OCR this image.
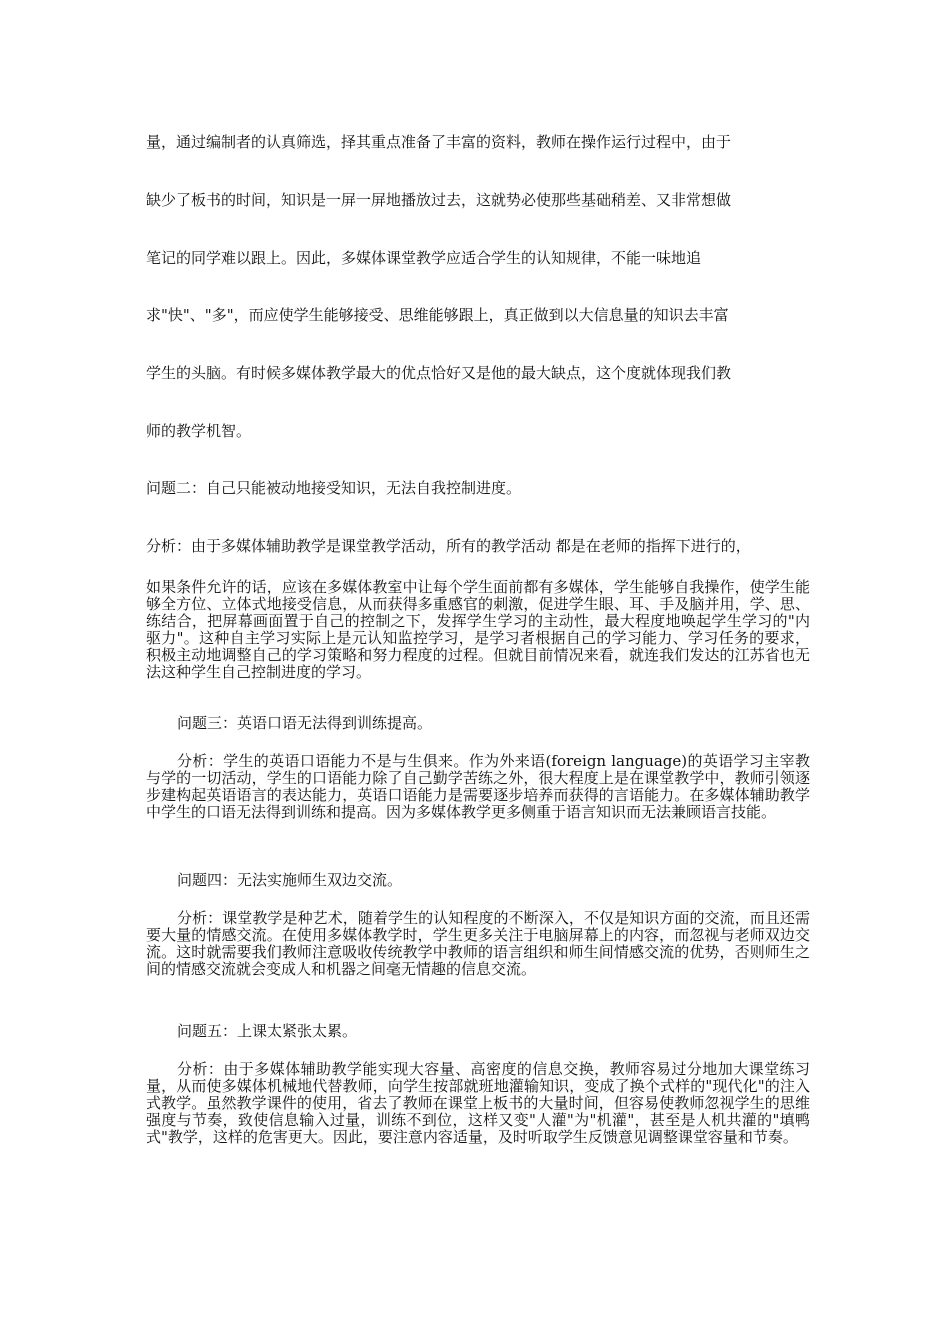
量，通过编制者的认真筛选，择其重点准备了丰富的资料，教师在操作运行过程中，由于

缺少了板书的时间，知识是一屏一屏地播放过去，这就势必使那些基础稍差、又非常想做

笔记的同学难以跟上。因此，多媒体课堂教学应适合学生的认知规律，不能一味地追

求"快"、"多"，而应使学生能够接受、思维能够跟上，真正做到以大信息量的知识去丰富

学生的头脑。有时候多媒体教学最大的优点恰好又是他的最大缺点，这个度就体现我们教

师的教学机智。

问题二：自己只能被动地接受知识，无法自我控制进度。

分析：由于多媒体辅助教学是课堂教学活动，所有的教学活动 都是在老师的指挥下进行的，

如果条件允许的话，应该在多媒体教室中让每个学生面前都有多媒体，学生能够自我操作，使学生能够全方位、立体式地接受信息，从而获得多重感官的刺激，促进学生眼、耳、手及脑并用，学、思、练结合，把屏幕画面置于自己的控制之下，发挥学生学习的主动性，最大程度地唤起学生学习的"内驱力"。这种自主学习实际上是元认知监控学习，是学习者根据自己的学习能力、学习任务的要求，积极主动地调整自己的学习策略和努力程度的过程。但就目前情况来看，就连我们发达的江苏省也无法这种学生自己控制进度的学习。

问题三：英语口语无法得到训练提高。

分析：学生的英语口语能力不是与生俱来。作为外来语(foreign language)的英语学习主宰教与学的一切活动，学生的口语能力除了自己勤学苦练之外，很大程度上是在课堂教学中，教师引领逐步建构起英语语言的表达能力，英语口语能力是需要逐步培养而获得的言语能力。在多媒体辅助教学中学生的口语无法得到训练和提高。因为多媒体教学更多侧重于语言知识而无法兼顾语言技能。

问题四：无法实施师生双边交流。

分析：课堂教学是种艺术，随着学生的认知程度的不断深入，不仅是知识方面的交流，而且还需要大量的情感交流。在使用多媒体教学时，学生更多关注于电脑屏幕上的内容，而忽视与老师双边交流。这时就需要我们教师注意吸收传统教学中教师的语言组织和师生间情感交流的优势，否则师生之间的情感交流就会变成人和机器之间毫无情趣的信息交流。

问题五：上课太紧张太累。

分析：由于多媒体辅助教学能实现大容量、高密度的信息交换，教师容易过分地加大课堂练习量，从而使多媒体机械地代替教师，向学生按部就班地灌输知识，变成了换个式样的"现代化"的注入式教学。虽然教学课件的使用，省去了教师在课堂上板书的大量时间，但容易使教师忽视学生的思维强度与节奏，致使信息输入过量，训练不到位，这样又变"人灌"为"机灌"，甚至是人机共灌的"填鸭式"教学，这样的危害更大。因此，要注意内容适量，及时听取学生反馈意见调整课堂容量和节奏。
